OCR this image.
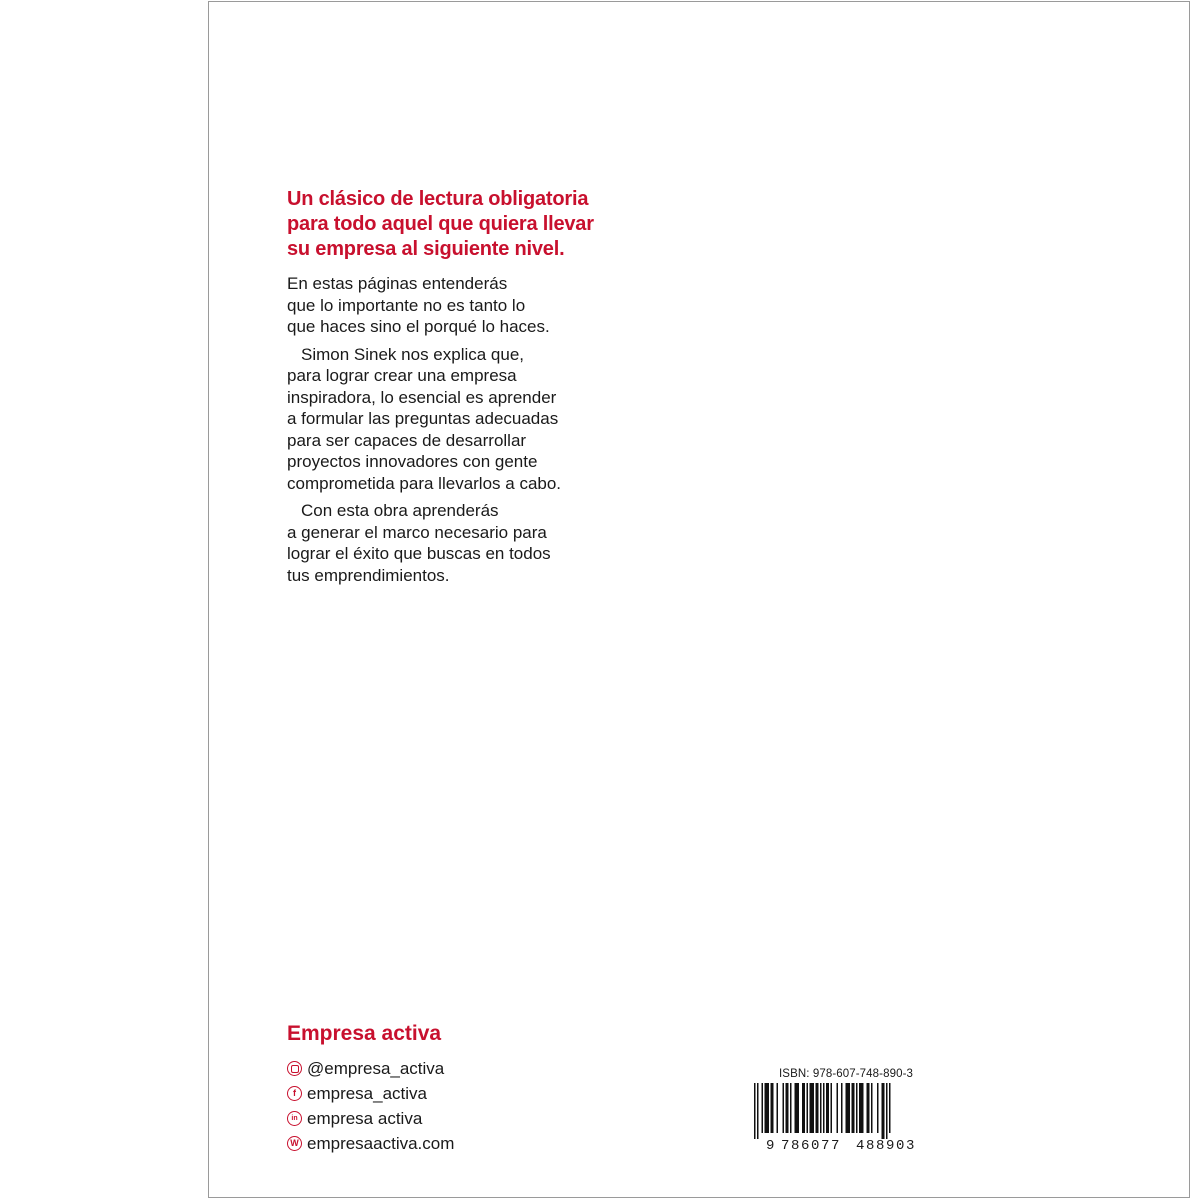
Un clásico de lectura obligatoria
para todo aquel que quiera llevar
su empresa al siguiente nivel.

En estas páginas entenderás
que lo importante no es tanto lo
que haces sino el porqué lo haces.

Simon Sinek nos explica que,
para lograr crear una empresa
inspiradora, lo esencial es aprender
a formular las preguntas adecuadas
para ser capaces de desarrollar
proyectos innovadores con gente
comprometida para llevarlos a cabo.

Con esta obra aprenderás
a generar el marco necesario para
lograr el éxito que buscas en todos
tus emprendimientos.

Empresa activa
@empresa_activa
f empresa_activa
in empresa activa
W empresaactiva.com
ISBN: 978-607-748-890-3
9 786077 488903
